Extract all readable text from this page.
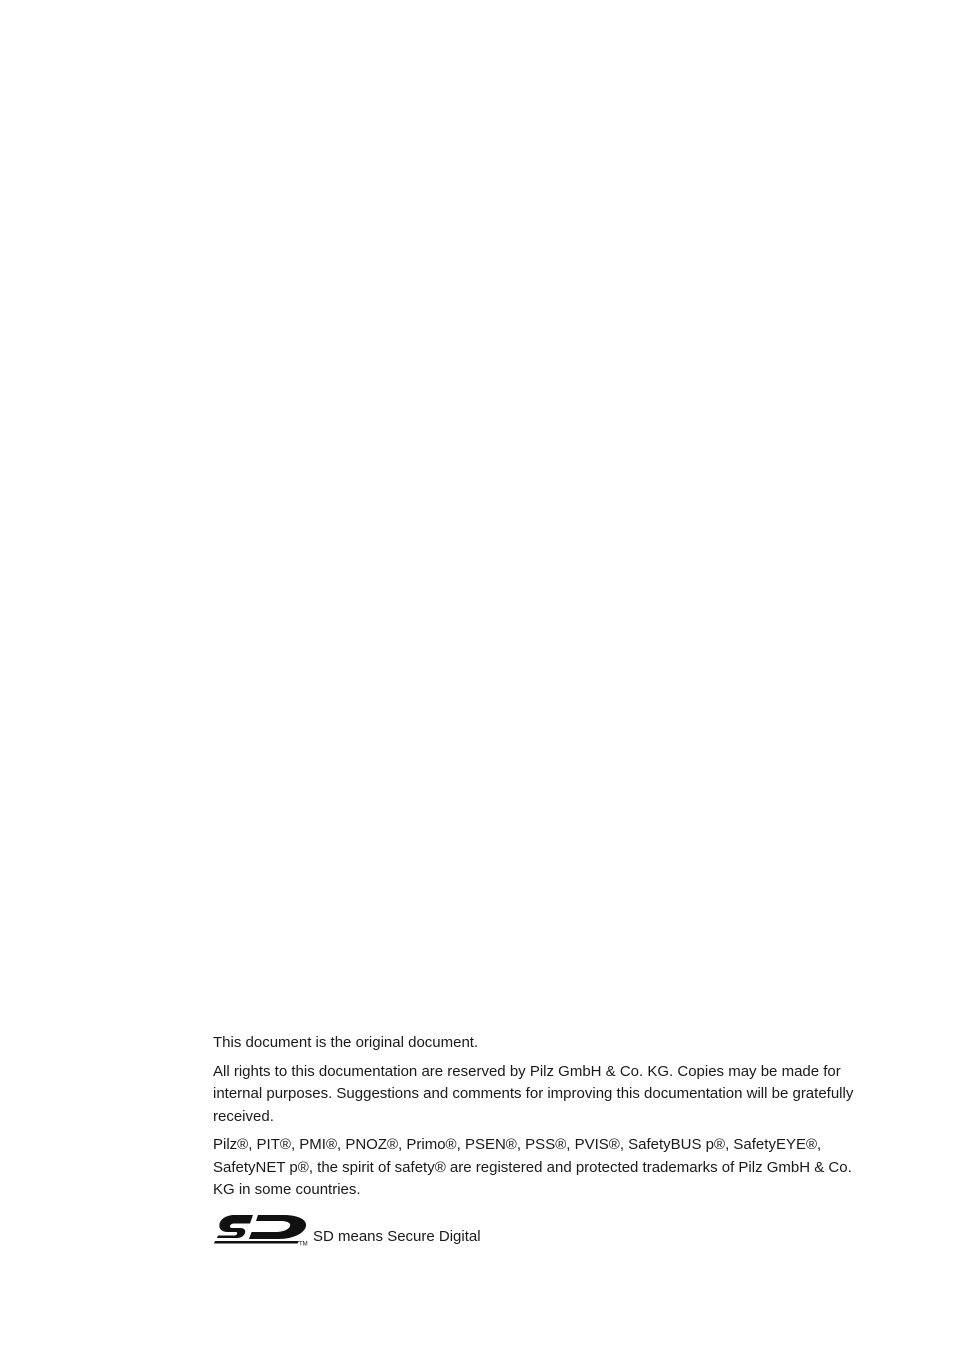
This document is the original document.

All rights to this documentation are reserved by Pilz GmbH & Co. KG. Copies may be made for internal purposes. Suggestions and comments for improving this documentation will be gratefully received.

Pilz®, PIT®, PMI®, PNOZ®, Primo®, PSEN®, PSS®, PVIS®, SafetyBUS p®, SafetyEYE®, SafetyNET p®, the spirit of safety® are registered and protected trademarks of Pilz GmbH & Co. KG in some countries.

TM SD means Secure Digital
